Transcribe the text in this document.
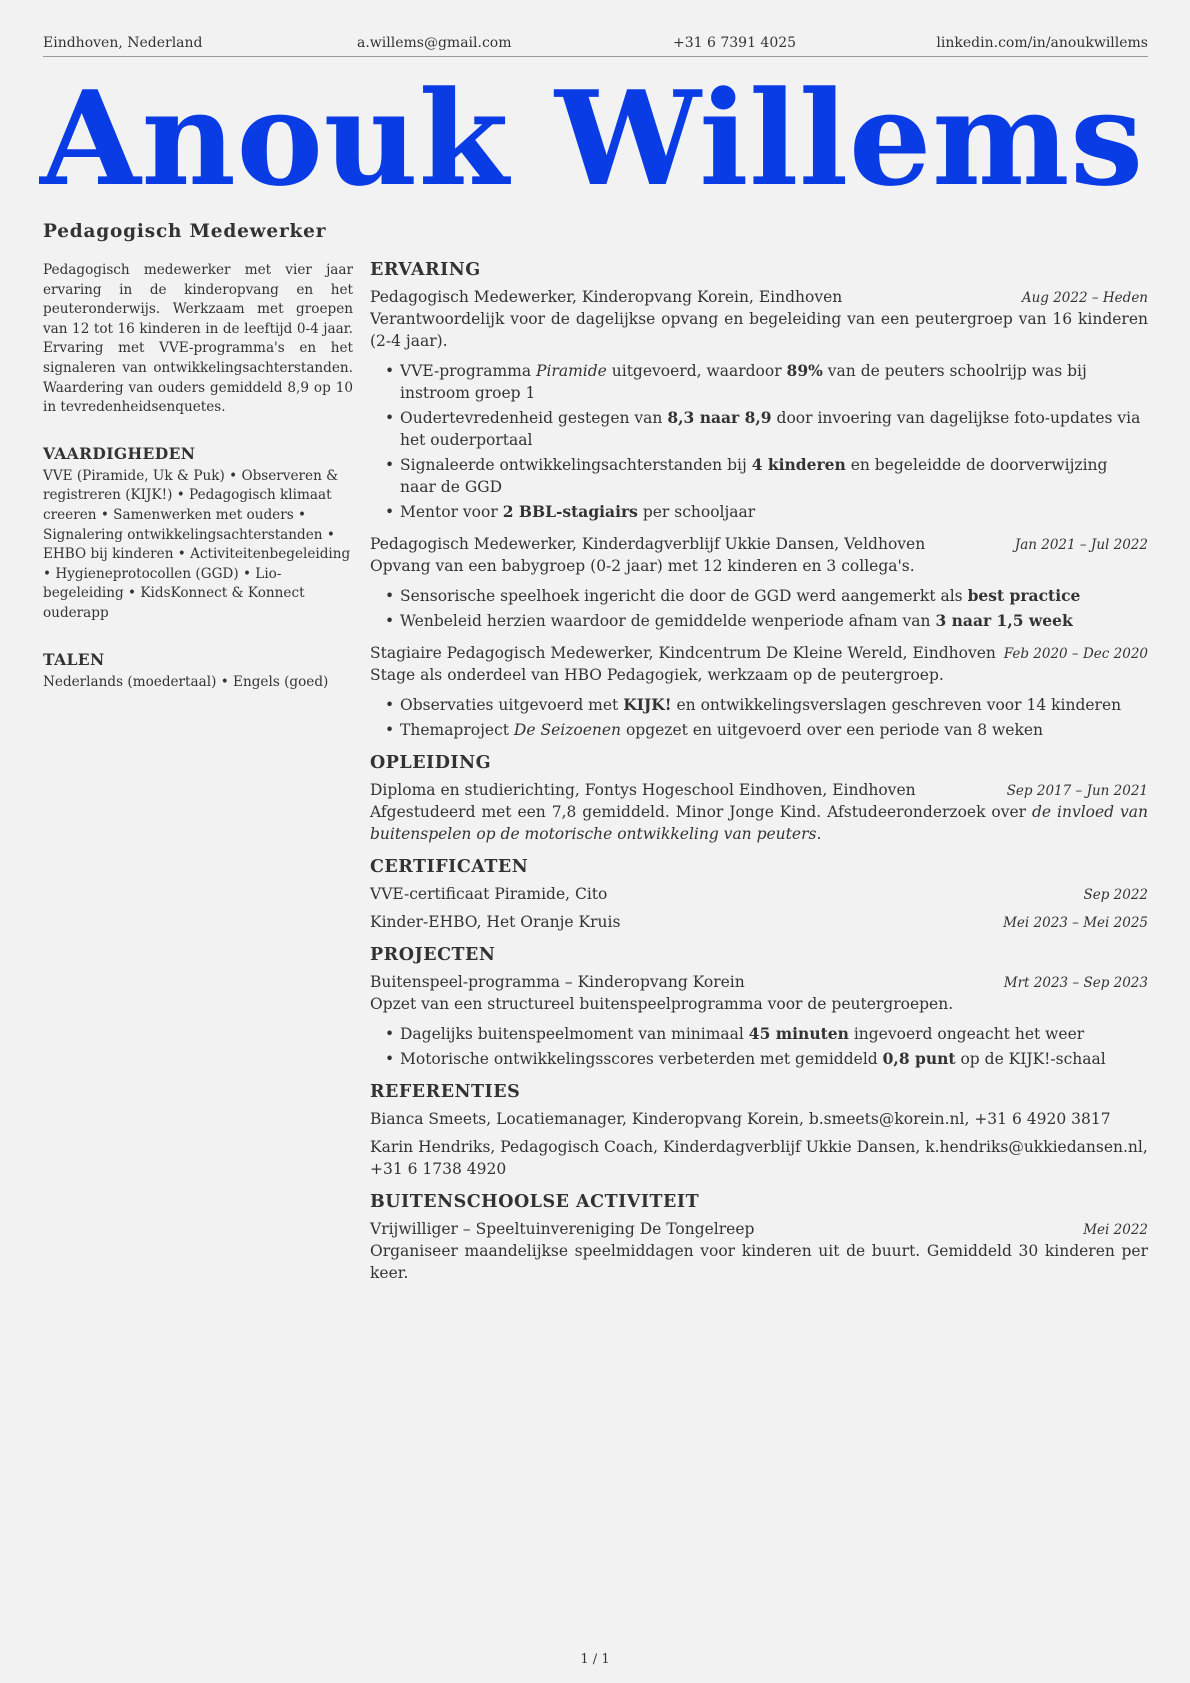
Eindhoven, Nederland	a.willems@gmail.com	+31 6 7391 4025	linkedin.com/in/anoukwillems
Anouk Willems
Pedagogisch Medewerker

Pedagogisch medewerker met vier jaar ervaring in de kinderopvang en het peuteronderwijs. Werkzaam met groepen van 12 tot 16 kinderen in de leeftijd 0-4 jaar. Ervaring met VVE-programma's en het signaleren van ontwikkelingsachterstanden. Waardering van ouders gemiddeld 8,9 op 10 in tevredenheidsenquetes.

VAARDIGHEDEN

VVE (Piramide, Uk & Puk) • Observeren & registreren (KIJK!) • Pedagogisch klimaat creeren • Samenwerken met ouders • Signalering ontwikkelingsachterstanden • EHBO bij kinderen • Activiteitenbegeleiding • Hygieneprotocollen (GGD) • Lio-begeleiding • KidsKonnect & Konnect ouderapp

TALEN

Nederlands (moedertaal) • Engels (goed)

ERVARING
Pedagogisch Medewerker, Kinderopvang Korein, Eindhoven	Aug 2022 – Heden

Verantwoordelijk voor de dagelijkse opvang en begeleiding van een peutergroep van 16 kinderen (2-4 jaar).

• VVE-programma Piramide uitgevoerd, waardoor 89% van de peuters schoolrijp was bij instroom groep 1
• Oudertevredenheid gestegen van 8,3 naar 8,9 door invoering van dagelijkse foto-updates via het ouderportaal
• Signaleerde ontwikkelingsachterstanden bij 4 kinderen en begeleidde de doorverwijzing naar de GGD
• Mentor voor 2 BBL-stagiairs per schooljaar
Pedagogisch Medewerker, Kinderdagverblijf Ukkie Dansen, Veldhoven	Jan 2021 – Jul 2022

Opvang van een babygroep (0-2 jaar) met 12 kinderen en 3 collega's.

• Sensorische speelhoek ingericht die door de GGD werd aangemerkt als best practice
• Wenbeleid herzien waardoor de gemiddelde wenperiode afnam van 3 naar 1,5 week
Stagiaire Pedagogisch Medewerker, Kindcentrum De Kleine Wereld, Eindhoven Feb 2020 – Dec 2020

Stage als onderdeel van HBO Pedagogiek, werkzaam op de peutergroep.

• Observaties uitgevoerd met KIJK! en ontwikkelingsverslagen geschreven voor 14 kinderen
• Themaproject De Seizoenen opgezet en uitgevoerd over een periode van 8 weken
OPLEIDING
Diploma en studierichting, Fontys Hogeschool Eindhoven, Eindhoven	Sep 2017 – Jun 2021

Afgestudeerd met een 7,8 gemiddeld. Minor Jonge Kind. Afstudeeronderzoek over de invloed van buitenspelen op de motorische ontwikkeling van peuters.

CERTIFICATEN
VVE-certificaat Piramide, Cito	Sep 2022
Kinder-EHBO, Het Oranje Kruis	Mei 2023 – Mei 2025
PROJECTEN
Buitenspeel-programma – Kinderopvang Korein	Mrt 2023 – Sep 2023

Opzet van een structureel buitenspeelprogramma voor de peutergroepen.

• Dagelijks buitenspeelmoment van minimaal 45 minuten ingevoerd ongeacht het weer
• Motorische ontwikkelingsscores verbeterden met gemiddeld 0,8 punt op de KIJK!-schaal
REFERENTIES
Bianca Smeets, Locatiemanager, Kinderopvang Korein, b.smeets@korein.nl, +31 6 4920 3817
Karin Hendriks, Pedagogisch Coach, Kinderdagverblijf Ukkie Dansen, k.hendriks@ukkiedansen.nl, +31 6 1738 4920
BUITENSCHOOLSE ACTIVITEIT
Vrijwilliger – Speeltuinvereniging De Tongelreep	Mei 2022

Organiseer maandelijkse speelmiddagen voor kinderen uit de buurt. Gemiddeld 30 kinderen per keer.

1 / 1
